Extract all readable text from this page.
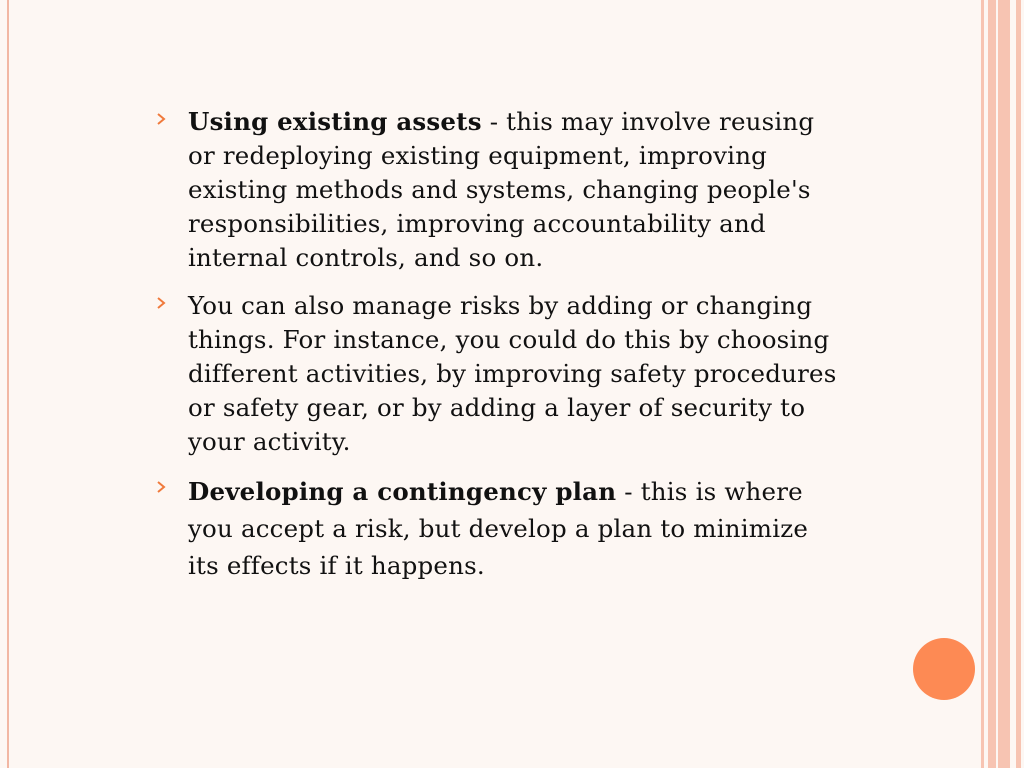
Using existing assets - this may involve reusing or redeploying existing equipment, improving existing methods and systems, changing people's responsibilities, improving accountability and internal controls, and so on.
You can also manage risks by adding or changing things. For instance, you could do this by choosing different activities, by improving safety procedures or safety gear, or by adding a layer of security to your activity.
Developing a contingency plan - this is where you accept a risk, but develop a plan to minimize its effects if it happens.
